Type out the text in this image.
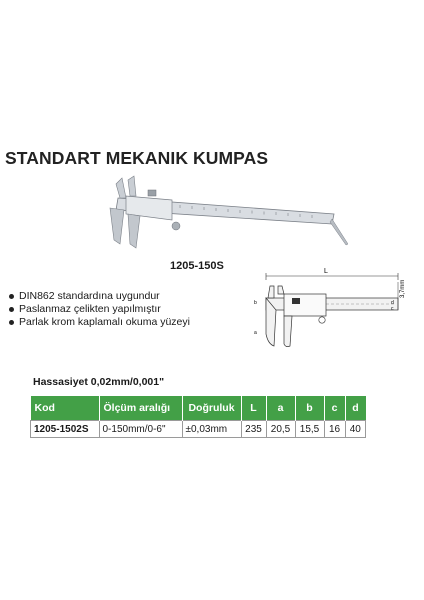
STANDART MEKANIK KUMPAS
1205-150S	L
3,7mm
d
c
b
a
DIN862 standardına uygundur
Paslanmaz çelikten yapılmıştır
Parlak krom kaplamalı okuma yüzeyi
Hassasiyet 0,02mm/0,001"
Kod	Ölçüm aralığı	Doğruluk	L	a	b	c	d
1205-1502S	0-150mm/0-6"	±0,03mm	235	20,5	15,5	16	40
